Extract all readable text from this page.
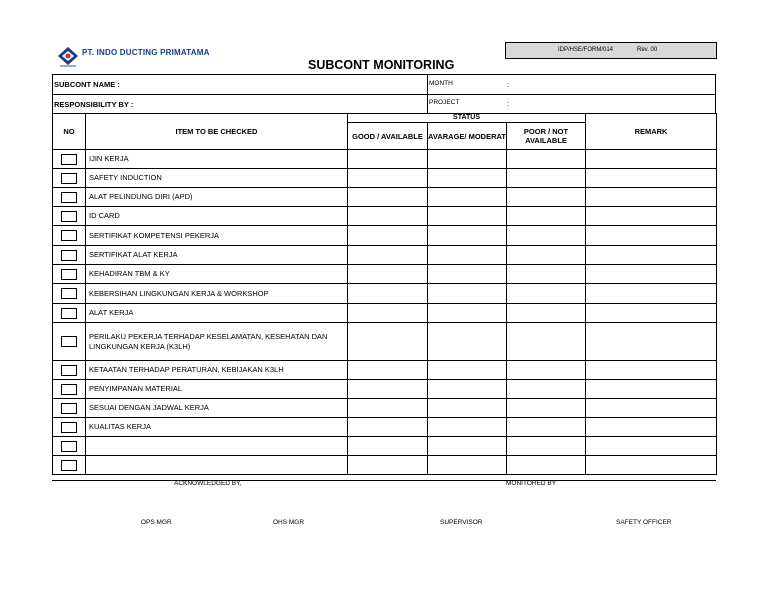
PT. INDO DUCTING PRIMATAMA
SUBCONT MONITORING
IDP/HSE/FORM/014	Rev. 00
SUBCONT NAME :
RESPONSIBILITY BY :
MONTH	:
PROJECT	:
NO	ITEM TO BE CHECKED	STATUS			REMARK
		GOOD / AVAILABLE	AVARAGE/ MODERAT	POOR / NOT AVAILABLE	

	IJIN KERJA				

	SAFETY INDUCTION				

	ALAT PELINDUNG DIRI (APD)				

	ID CARD				

	SERTIFIKAT KOMPETENSI PEKERJA				

	SERTIFIKAT ALAT KERJA				

	KEHADIRAN TBM & KY				

	KEBERSIHAN LINGKUNGAN KERJA & WORKSHOP				

	ALAT KERJA				

	PERILAKU PEKERJA TERHADAP KESELAMATAN, KESEHATAN DAN LINGKUNGAN KERJA (K3LH)				

	KETAATAN TERHADAP PERATURAN, KEBIJAKAN K3LH				

	PENYIMPANAN MATERIAL				

	SESUAI DENGAN JADWAL KERJA				

	KUALITAS KERJA				

ACKNOWLEDGED BY,	MONITORED BY
OPS MGR	OHS MGR	SUPERVISOR	SAFETY OFFICER
